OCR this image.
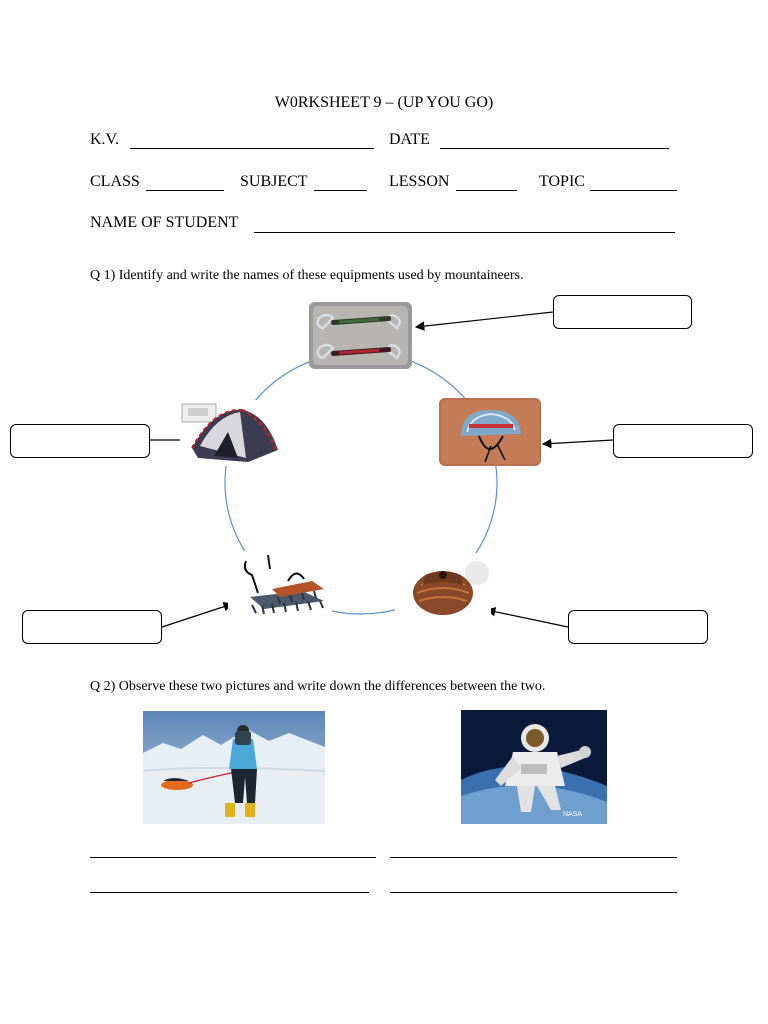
W0RKSHEET 9 – (UP YOU GO)
K.V.	DATE
CLASS	SUBJECT	LESSON	TOPIC
NAME OF STUDENT
Q 1) Identify and write the names of these equipments used by mountaineers.
Q 2) Observe these two pictures and write down the differences between the two.
NASA
